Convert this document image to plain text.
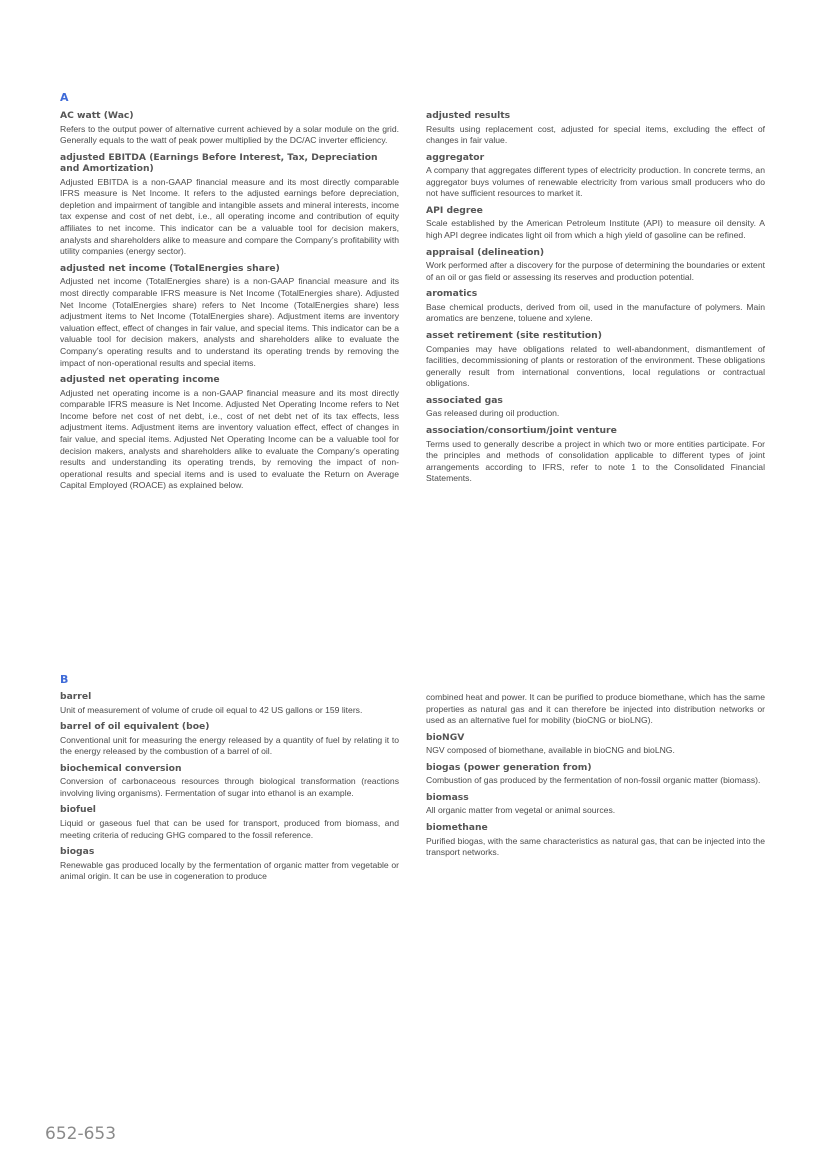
A
AC watt (Wac)

Refers to the output power of alternative current achieved by a solar module on the grid. Generally equals to the watt of peak power multiplied by the DC/AC inverter efficiency.

adjusted EBITDA (Earnings Before Interest, Tax, Depreciation and Amortization)

Adjusted EBITDA is a non-GAAP financial measure and its most directly comparable IFRS measure is Net Income. It refers to the adjusted earnings before depreciation, depletion and impairment of tangible and intangible assets and mineral interests, income tax expense and cost of net debt, i.e., all operating income and contribution of equity affiliates to net income. This indicator can be a valuable tool for decision makers, analysts and shareholders alike to measure and compare the Company’s profitability with utility companies (energy sector).

adjusted net income (TotalEnergies share)

Adjusted net income (TotalEnergies share) is a non-GAAP financial measure and its most directly comparable IFRS measure is Net Income (TotalEnergies share). Adjusted Net Income (TotalEnergies share) refers to Net Income (TotalEnergies share) less adjustment items to Net Income (TotalEnergies share). Adjustment items are inventory valuation effect, effect of changes in fair value, and special items. This indicator can be a valuable tool for decision makers, analysts and shareholders alike to evaluate the Company’s operating results and to understand its operating trends by removing the impact of non-operational results and special items.

adjusted net operating income

Adjusted net operating income is a non-GAAP financial measure and its most directly comparable IFRS measure is Net Income. Adjusted Net Operating Income refers to Net Income before net cost of net debt, i.e., cost of net debt net of its tax effects, less adjustment items. Adjustment items are inventory valuation effect, effect of changes in fair value, and special items. Adjusted Net Operating Income can be a valuable tool for decision makers, analysts and shareholders alike to evaluate the Company’s operating results and understanding its operating trends, by removing the impact of non-operational results and special items and is used to evaluate the Return on Average Capital Employed (ROACE) as explained below.

adjusted results

Results using replacement cost, adjusted for special items, excluding the effect of changes in fair value.

aggregator

A company that aggregates different types of electricity production. In concrete terms, an aggregator buys volumes of renewable electricity from various small producers who do not have sufficient resources to market it.

API degree

Scale established by the American Petroleum Institute (API) to measure oil density. A high API degree indicates light oil from which a high yield of gasoline can be refined.

appraisal (delineation)

Work performed after a discovery for the purpose of determining the boundaries or extent of an oil or gas field or assessing its reserves and production potential.

aromatics

Base chemical products, derived from oil, used in the manufacture of polymers. Main aromatics are benzene, toluene and xylene.

asset retirement (site restitution)

Companies may have obligations related to well-abandonment, dismantlement of facilities, decommissioning of plants or restoration of the environment. These obligations generally result from international conventions, local regulations or contractual obligations.

associated gas

Gas released during oil production.

association/consortium/joint venture

Terms used to generally describe a project in which two or more entities participate. For the principles and methods of consolidation applicable to different types of joint arrangements according to IFRS, refer to note 1 to the Consolidated Financial Statements.

B
barrel

Unit of measurement of volume of crude oil equal to 42 US gallons or 159 liters.

barrel of oil equivalent (boe)

Conventional unit for measuring the energy released by a quantity of fuel by relating it to the energy released by the combustion of a barrel of oil.

biochemical conversion

Conversion of carbonaceous resources through biological transformation (reactions involving living organisms). Fermentation of sugar into ethanol is an example.

biofuel

Liquid or gaseous fuel that can be used for transport, produced from biomass, and meeting criteria of reducing GHG compared to the fossil reference.

biogas

Renewable gas produced locally by the fermentation of organic matter from vegetable or animal origin. It can be use in cogeneration to produce

combined heat and power. It can be purified to produce biomethane, which has the same properties as natural gas and it can therefore be injected into distribution networks or used as an alternative fuel for mobility (bioCNG or bioLNG).

bioNGV

NGV composed of biomethane, available in bioCNG and bioLNG.

biogas (power generation from)

Combustion of gas produced by the fermentation of non-fossil organic matter (biomass).

biomass

All organic matter from vegetal or animal sources.

biomethane

Purified biogas, with the same characteristics as natural gas, that can be injected into the transport networks.

652-653
